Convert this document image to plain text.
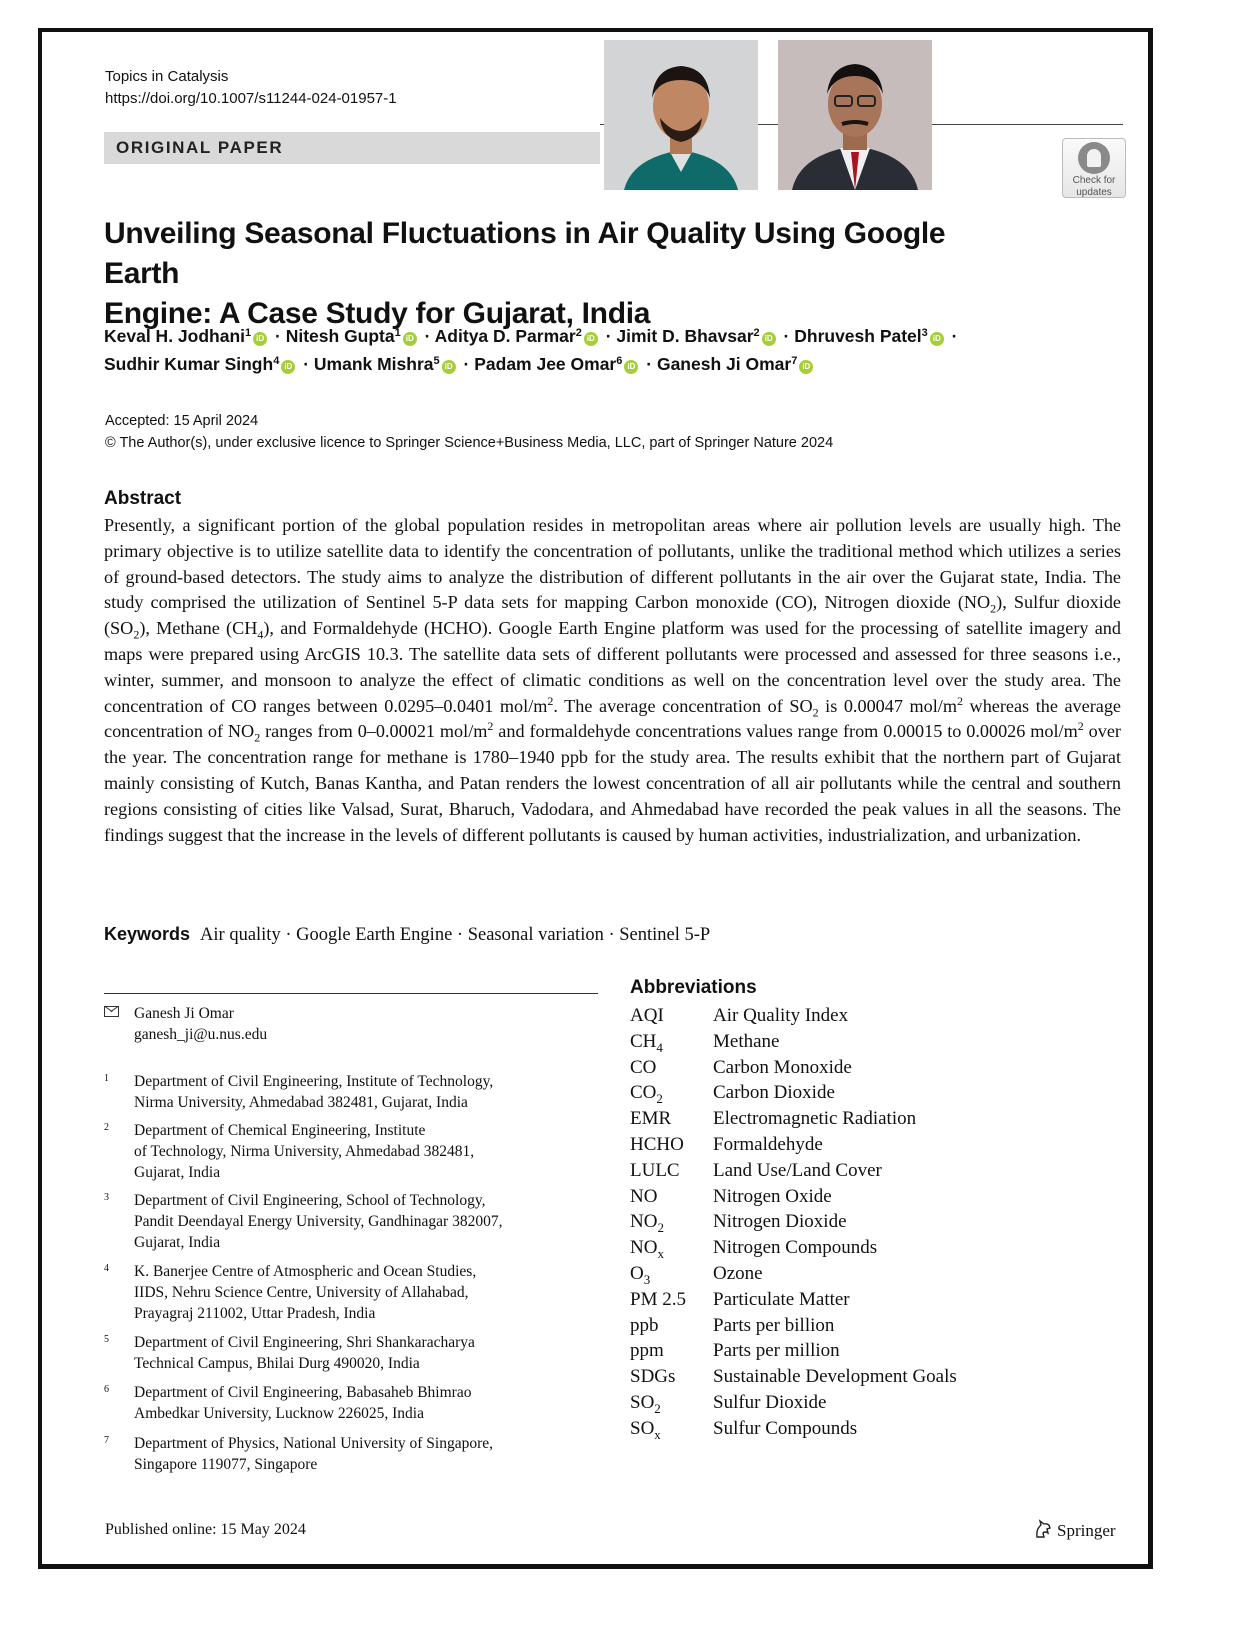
Topics in Catalysis
https://doi.org/10.1007/s11244-024-01957-1
ORIGINAL PAPER
Check for
updates
Unveiling Seasonal Fluctuations in Air Quality Using Google Earth
Engine: A Case Study for Gujarat, India
Keval H. Jodhani$^1$ iD · Nitesh Gupta$^1$ iD · Aditya D. Parmar$^2$ iD · Jimit D. Bhavsar$^2$ iD · Dhruvesh Patel$^3$ iD ·
Sudhir Kumar Singh$^4$ iD · Umank Mishra$^5$ iD · Padam Jee Omar$^6$ iD · Ganesh Ji Omar$^7$ iD
Accepted: 15 April 2024
© The Author(s), under exclusive licence to Springer Science+Business Media, LLC, part of Springer Nature 2024
Abstract
Presently, a significant portion of the global population resides in metropolitan areas where air pollution levels are usually high. The primary objective is to utilize satellite data to identify the concentration of pollutants, unlike the traditional method which utilizes a series of ground-based detectors. The study aims to analyze the distribution of different pollutants in the air over the Gujarat state, India. The study comprised the utilization of Sentinel 5-P data sets for mapping Carbon monoxide (CO), Nitrogen dioxide $(NO_2)$, Sulfur dioxide $(SO_2)$, Methane $(CH_4)$, and Formaldehyde (HCHO). Google Earth Engine platform was used for the processing of satellite imagery and maps were prepared using ArcGIS 10.3. The satellite data sets of different pollutants were processed and assessed for three seasons i.e., winter, summer, and monsoon to analyze the effect of climatic conditions as well on the concentration level over the study area. The concentration of CO ranges between 0.0295–0.0401 mol/$m^2$. The average concentration of $SO_2$ is 0.00047 mol/$m^2$ whereas the average concentration of $NO_2$ ranges from 0–0.00021 mol/$m^2$ and formaldehyde concentrations values range from 0.00015 to 0.00026 mol/$m^2$ over the year. The concentration range for methane is 1780–1940 ppb for the study area. The results exhibit that the northern part of Gujarat mainly consisting of Kutch, Banas Kantha, and Patan renders the lowest concentration of all air pollutants while the central and southern regions consisting of cities like Valsad, Surat, Bharuch, Vadodara, and Ahmedabad have recorded the peak values in all the seasons. The findings suggest that the increase in the levels of different pollutants is caused by human activities, industrialization, and urbanization.
Keywords Air quality · Google Earth Engine · Seasonal variation · Sentinel 5-P
Ganesh Ji Omar
ganesh_ji@u.nus.edu
1 Department of Civil Engineering, Institute of Technology,
Nirma University, Ahmedabad 382481, Gujarat, India
2 Department of Chemical Engineering, Institute
of Technology, Nirma University, Ahmedabad 382481,
Gujarat, India
3 Department of Civil Engineering, School of Technology,
Pandit Deendayal Energy University, Gandhinagar 382007,
Gujarat, India
4 K. Banerjee Centre of Atmospheric and Ocean Studies,
IIDS, Nehru Science Centre, University of Allahabad,
Prayagraj 211002, Uttar Pradesh, India
5 Department of Civil Engineering, Shri Shankaracharya
Technical Campus, Bhilai Durg 490020, India
6 Department of Civil Engineering, Babasaheb Bhimrao
Ambedkar University, Lucknow 226025, India
7 Department of Physics, National University of Singapore,
Singapore 119077, Singapore
Abbreviations
AQI	Air Quality Index
$CH_4$	Methane
CO	Carbon Monoxide
$CO_2$	Carbon Dioxide
EMR Electromagnetic Radiation
HCHO Formaldehyde
LULC Land Use/Land Cover
NO	Nitrogen Oxide
$NO_2$	Nitrogen Dioxide
$NO_x$	Nitrogen Compounds
$O_3$	Ozone
PM 2.5 Particulate Matter
ppb	Parts per billion
ppm	Parts per million
SDGs Sustainable Development Goals
$SO_2$	Sulfur Dioxide
$SO_x$	Sulfur Compounds
Published online: 15 May 2024	Springer
